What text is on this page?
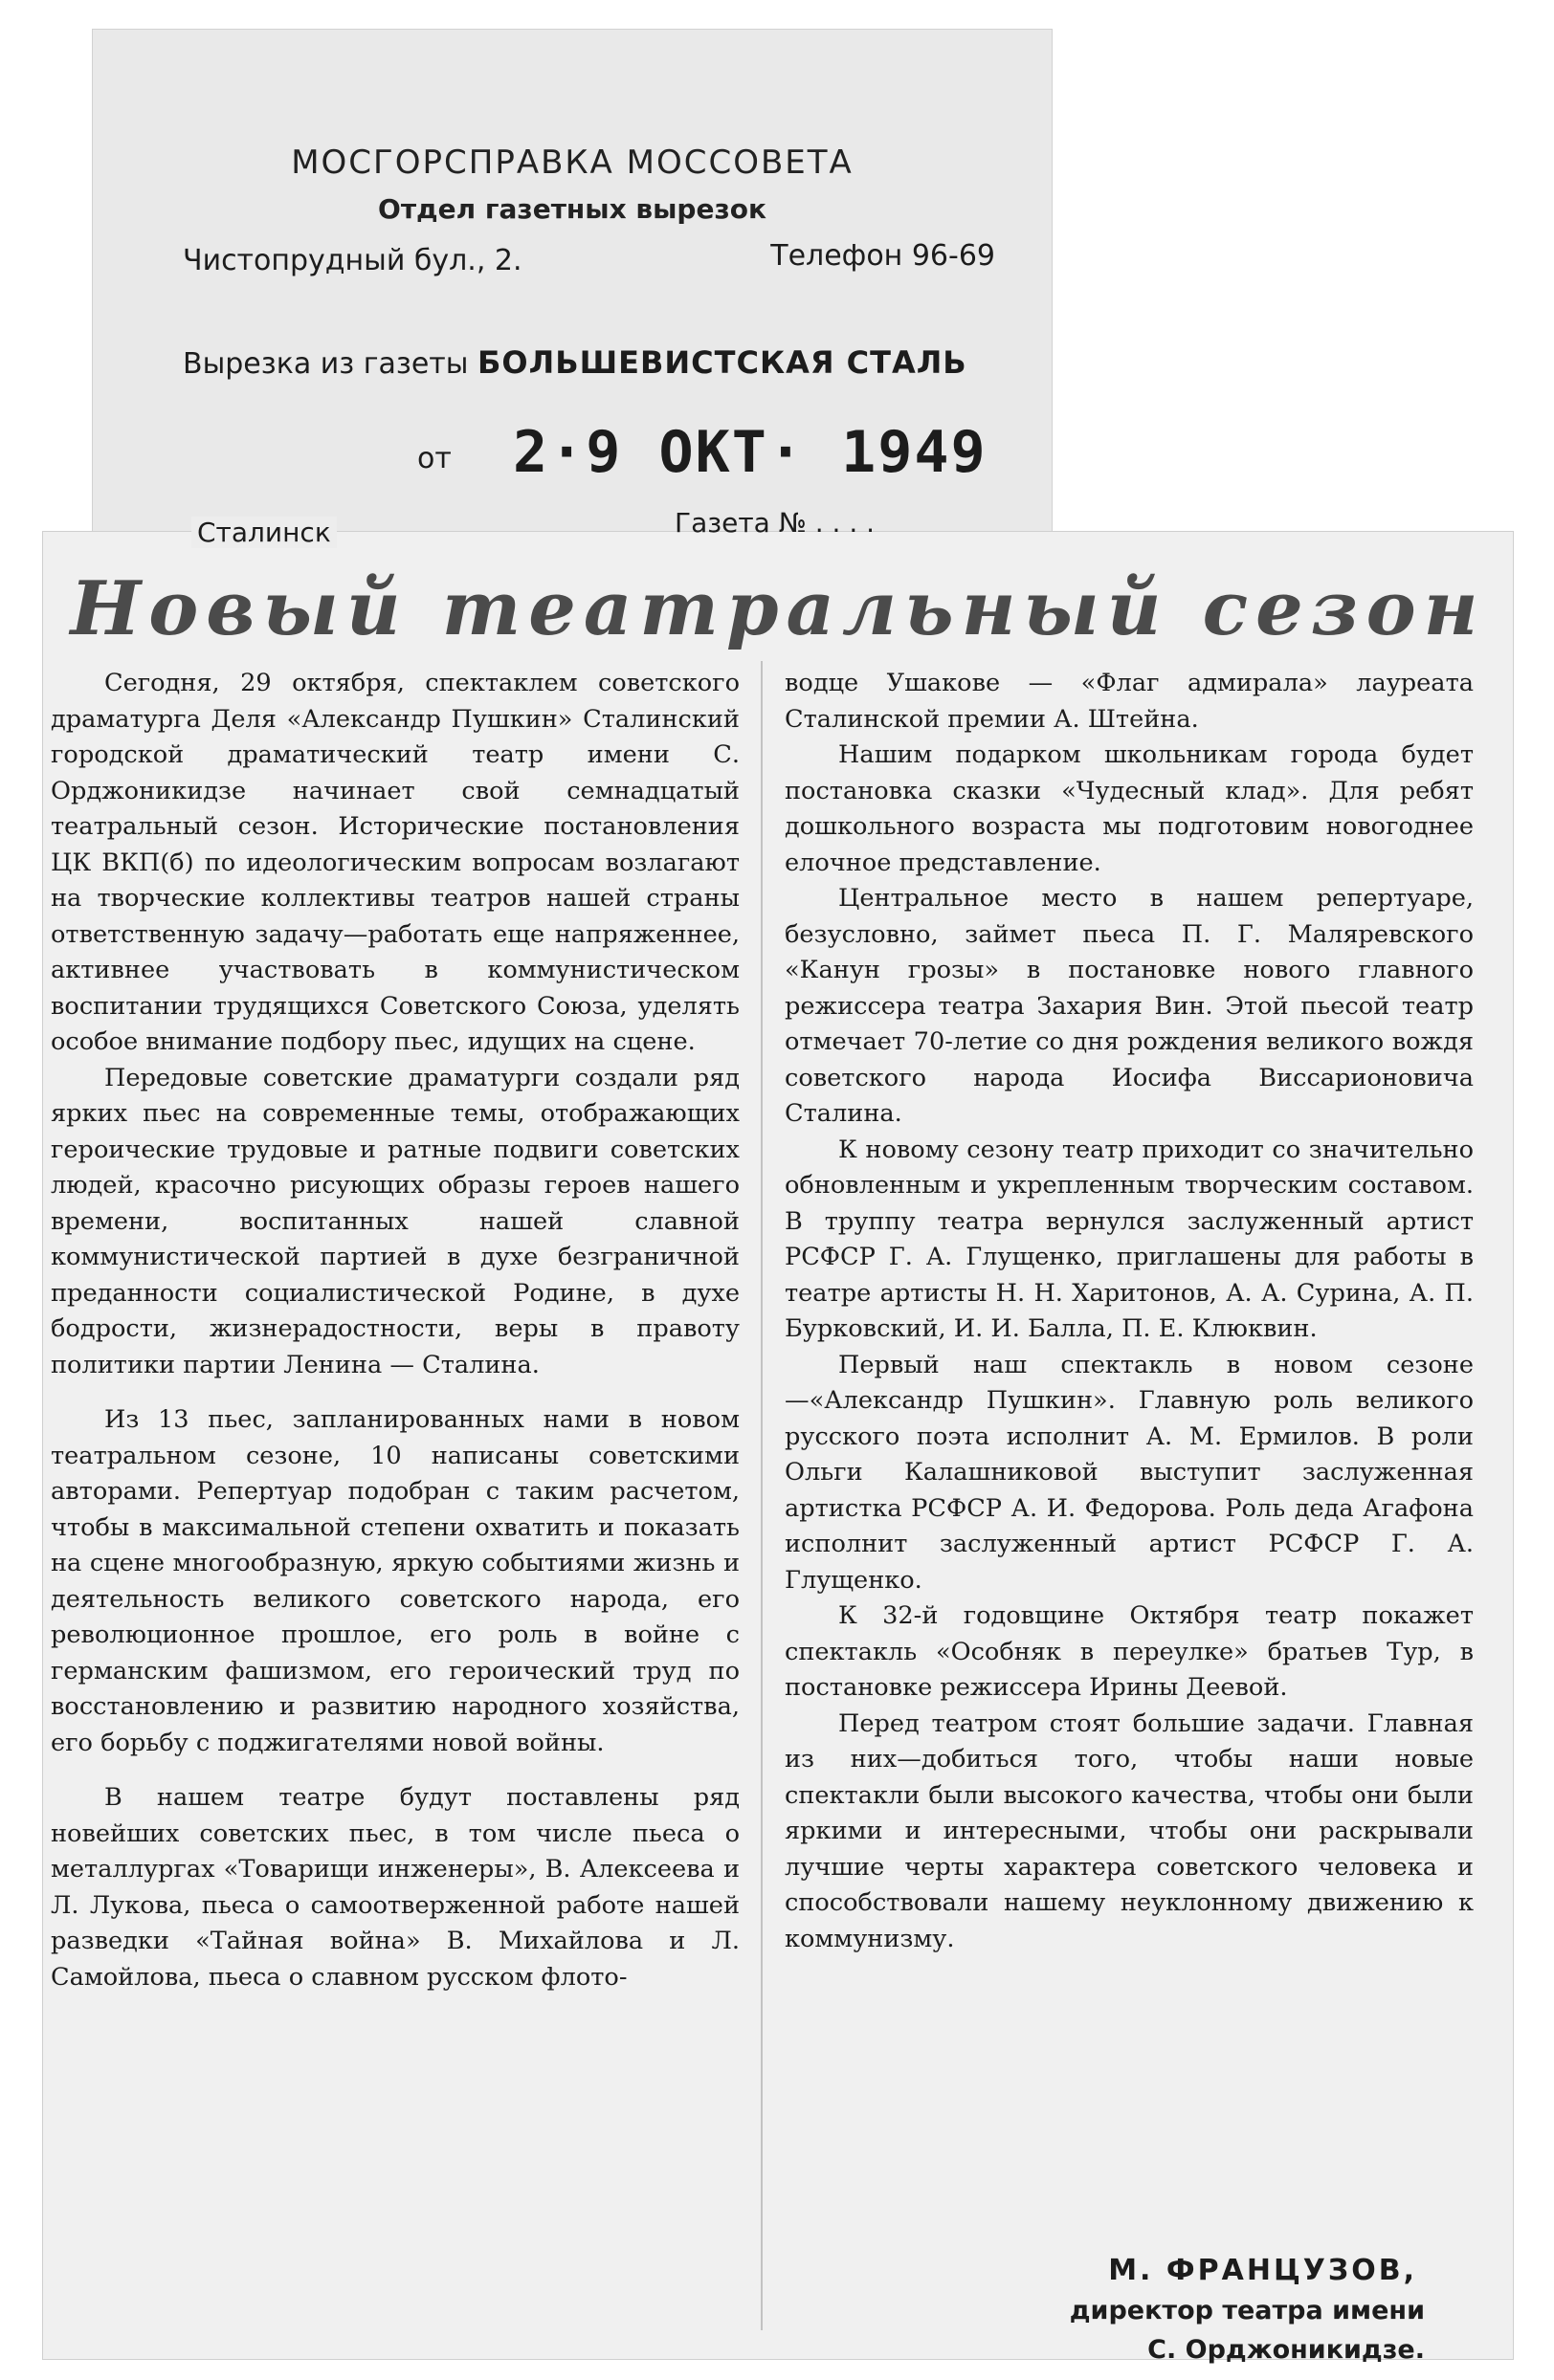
МОСГОРСПРАВКА МОССОВЕТА
Отдел газетных вырезок
Чистопрудный бул., 2.	Телефон 96-69
Вырезка из газеты БОЛЬШЕВИСТСКАЯ СТАЛЬ
от 2·9 ОКТ· 1949
Новый театральный сезон

Сегодня, 29 октября, спектаклем советского драматурга Деля «Александр Пушкин» Сталинский городской драматический театр имени С. Орджоникидзе начинает свой семнадцатый театральный сезон. Исторические постановления ЦК ВКП(б) по идеологическим вопросам возлагают на творческие коллективы театров нашей страны ответственную задачу—работать еще напряженнее, активнее участвовать в коммунистическом воспитании трудящихся Советского Союза, уделять особое внимание подбору пьес, идущих на сцене.

Передовые советские драматурги создали ряд ярких пьес на современные темы, отображающих героические трудовые и ратные подвиги советских людей, красочно рисующих образы героев нашего времени, воспитанных нашей славной коммунистической партией в духе безграничной преданности социалистической Родине, в духе бодрости, жизнерадостности, веры в правоту политики партии Ленина — Сталина.

Из 13 пьес, запланированных нами в новом театральном сезоне, 10 написаны советскими авторами. Репертуар подобран с таким расчетом, чтобы в максимальной степени охватить и показать на сцене многообразную, яркую событиями жизнь и деятельность великого советского народа, его революционное прошлое, его роль в войне с германским фашизмом, его героический труд по восстановлению и развитию народного хозяйства, его борьбу с поджигателями новой войны.

В нашем театре будут поставлены ряд новейших советских пьес, в том числе пьеса о металлургах «Товарищи инженеры», В. Алексеева и Л. Лукова, пьеса о самоотверженной работе нашей разведки «Тайная война» В. Михайлова и Л. Самойлова, пьеса о славном русском флото-

водце Ушакове — «Флаг адмирала» лауреата Сталинской премии А. Штейна.

Нашим подарком школьникам города будет постановка сказки «Чудесный клад». Для ребят дошкольного возраста мы подготовим новогоднее елочное представление.

Центральное место в нашем репертуаре, безусловно, займет пьеса П. Г. Маляревского «Канун грозы» в постановке нового главного режиссера театра Захария Вин. Этой пьесой театр отмечает 70-летие со дня рождения великого вождя советского народа Иосифа Виссарионовича Сталина.

К новому сезону театр приходит со значительно обновленным и укрепленным творческим составом. В труппу театра вернулся заслуженный артист РСФСР Г. А. Глущенко, приглашены для работы в театре артисты Н. Н. Харитонов, А. А. Сурина, А. П. Бурковский, И. И. Балла, П. Е. Клюквин.

Первый наш спектакль в новом сезоне —«Александр Пушкин». Главную роль великого русского поэта исполнит А. М. Ермилов. В роли Ольги Калашниковой выступит заслуженная артистка РСФСР А. И. Федорова. Роль деда Агафона исполнит заслуженный артист РСФСР Г. А. Глущенко.

К 32-й годовщине Октября театр покажет спектакль «Особняк в переулке» братьев Тур, в постановке режиссера Ирины Деевой.

Перед театром стоят большие задачи. Главная из них—добиться того, чтобы наши новые спектакли были высокого качества, чтобы они были яркими и интересными, чтобы они раскрывали лучшие черты характера советского человека и способствовали нашему неуклонному движению к коммунизму.

М. ФРАНЦУЗОВ,
директор театра имени
С. Орджоникидзе.
Сталинск	Газета № . . . .
